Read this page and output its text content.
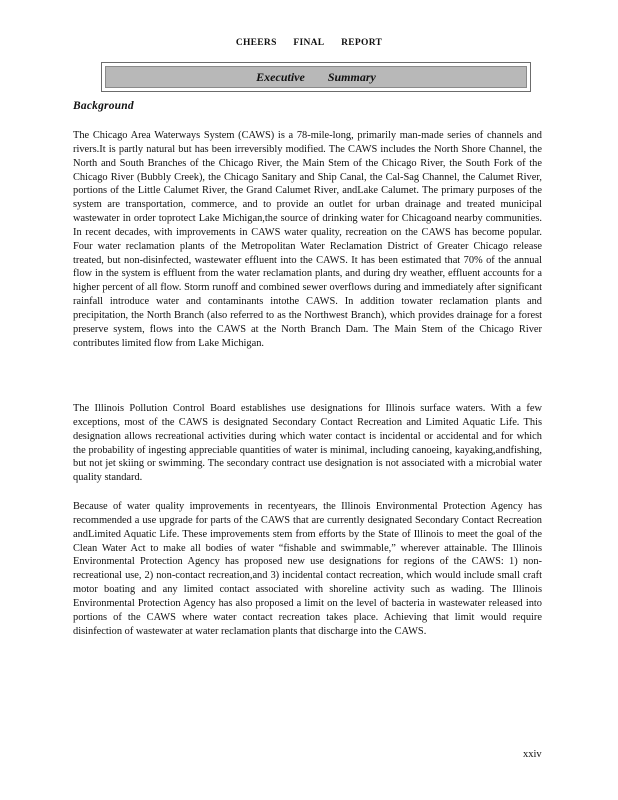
CHEERS FINAL REPORT
Executive Summary
Background

The Chicago Area Waterways System (CAWS) is a 78-mile-long, primarily man-made series of channels and rivers.It is partly natural but has been irreversibly modified. The CAWS includes the North Shore Channel, the North and South Branches of the Chicago River, the Main Stem of the Chicago River, the South Fork of the Chicago River (Bubbly Creek), the Chicago Sanitary and Ship Canal, the Cal-Sag Channel, the Calumet River, portions of the Little Calumet River, the Grand Calumet River, andLake Calumet. The primary purposes of the system are transportation, commerce, and to provide an outlet for urban drainage and treated municipal wastewater in order toprotect Lake Michigan,the source of drinking water for Chicagoand nearby communities. In recent decades, with improvements in CAWS water quality, recreation on the CAWS has become popular. Four water reclamation plants of the Metropolitan Water Reclamation District of Greater Chicago release treated, but non-disinfected, wastewater effluent into the CAWS. It has been estimated that 70% of the annual flow in the system is effluent from the water reclamation plants, and during dry weather, effluent accounts for a higher percent of all flow. Storm runoff and combined sewer overflows during and immediately after significant rainfall introduce water and contaminants intothe CAWS. In addition towater reclamation plants and precipitation, the North Branch (also referred to as the Northwest Branch), which provides drainage for a forest preserve system, flows into the CAWS at the North Branch Dam. The Main Stem of the Chicago River contributes limited flow from Lake Michigan.

The Illinois Pollution Control Board establishes use designations for Illinois surface waters. With a few exceptions, most of the CAWS is designated Secondary Contact Recreation and Limited Aquatic Life. This designation allows recreational activities during which water contact is incidental or accidental and for which the probability of ingesting appreciable quantities of water is minimal, including canoeing, kayaking,andfishing, but not jet skiing or swimming. The secondary contract use designation is not associated with a microbial water quality standard.

Because of water quality improvements in recentyears, the Illinois Environmental Protection Agency has recommended a use upgrade for parts of the CAWS that are currently designated Secondary Contact Recreation andLimited Aquatic Life. These improvements stem from efforts by the State of Illinois to meet the goal of the Clean Water Act to make all bodies of water “fishable and swimmable,” wherever attainable. The Illinois Environmental Protection Agency has proposed new use designations for regions of the CAWS: 1) non-recreational use, 2) non-contact recreation,and 3) incidental contact recreation, which would include small craft motor boating and any limited contact associated with shoreline activity such as wading. The Illinois Environmental Protection Agency has also proposed a limit on the level of bacteria in wastewater released into portions of the CAWS where water contact recreation takes place. Achieving that limit would require disinfection of wastewater at water reclamation plants that discharge into the CAWS.

xxiv
